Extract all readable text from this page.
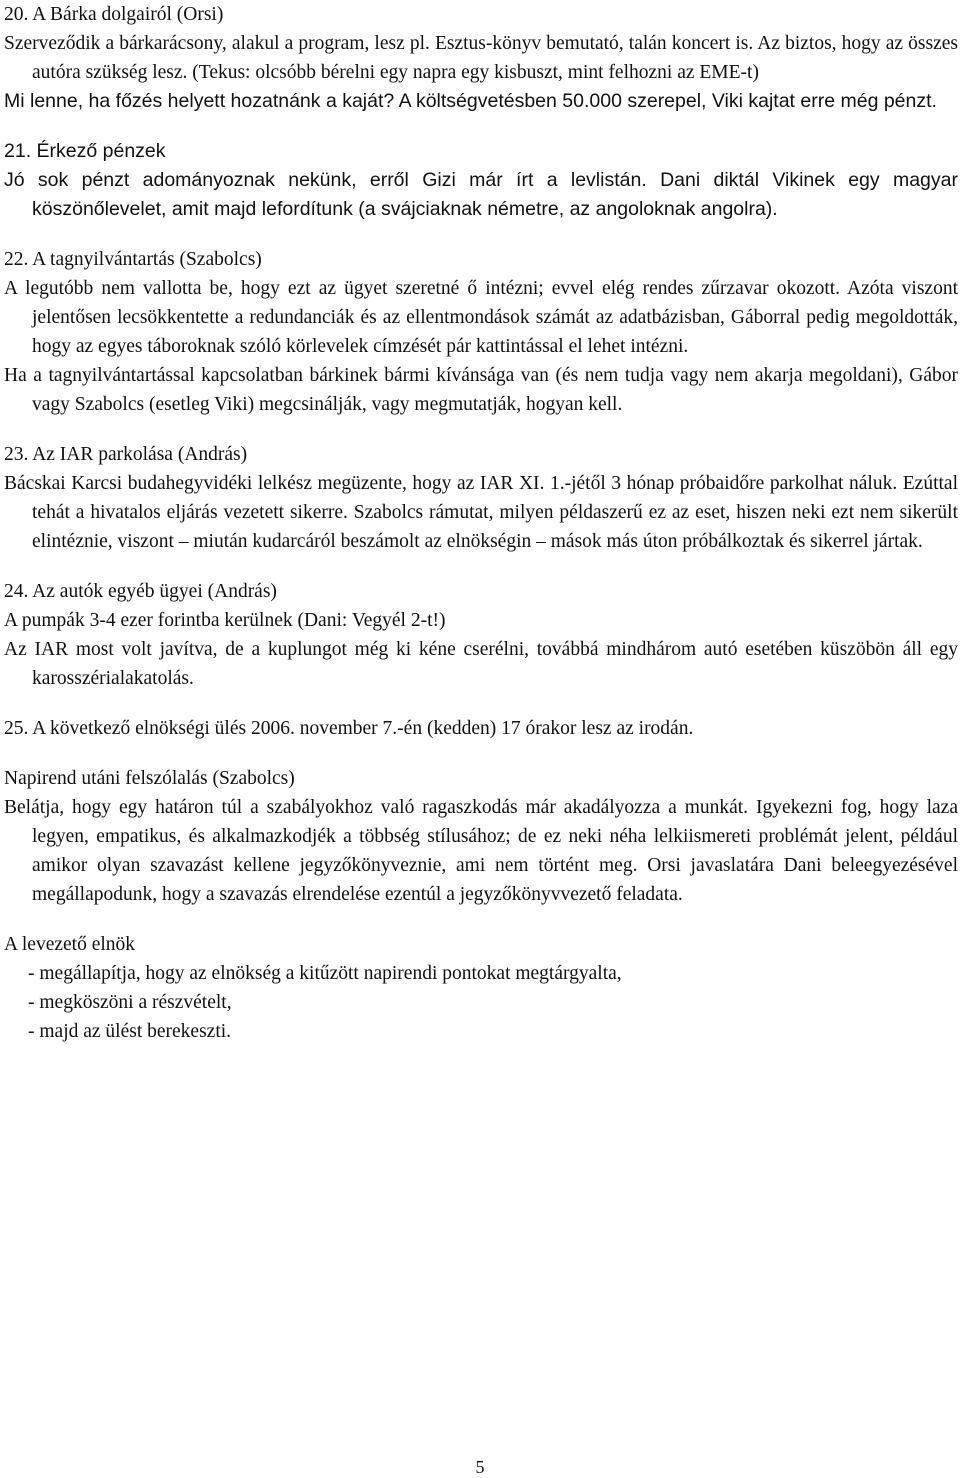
20. A Bárka dolgairól (Orsi)

Szerveződik a bárkarácsony, alakul a program, lesz pl. Esztus-könyv bemutató, talán koncert is. Az biztos, hogy az összes autóra szükség lesz. (Tekus: olcsóbb bérelni egy napra egy kisbuszt, mint felhozni az EME-t)

Mi lenne, ha főzés helyett hozatnánk a kaját? A költségvetésben 50.000 szerepel, Viki kajtat erre még pénzt.

21. Érkező pénzek

Jó sok pénzt adományoznak nekünk, erről Gizi már írt a levlistán. Dani diktál Vikinek egy magyar köszönőlevelet, amit majd lefordítunk (a svájciaknak németre, az angoloknak angolra).

22. A tagnyilvántartás (Szabolcs)

A legutóbb nem vallotta be, hogy ezt az ügyet szeretné ő intézni; evvel elég rendes zűrzavar okozott. Azóta viszont jelentősen lecsökkentette a redundanciák és az ellentmondások számát az adatbázisban, Gáborral pedig megoldották, hogy az egyes táboroknak szóló körlevelek címzését pár kattintással el lehet intézni.

Ha a tagnyilvántartással kapcsolatban bárkinek bármi kívánsága van (és nem tudja vagy nem akarja megoldani), Gábor vagy Szabolcs (esetleg Viki) megcsinálják, vagy megmutatják, hogyan kell.

23. Az IAR parkolása (András)

Bácskai Karcsi budahegyvidéki lelkész megüzente, hogy az IAR XI. 1.-jétől 3 hónap próbaidőre parkolhat náluk. Ezúttal tehát a hivatalos eljárás vezetett sikerre. Szabolcs rámutat, milyen példaszerű ez az eset, hiszen neki ezt nem sikerült elintéznie, viszont – miután kudarcáról beszámolt az elnökségin – mások más úton próbálkoztak és sikerrel jártak.

24. Az autók egyéb ügyei (András)

A pumpák 3-4 ezer forintba kerülnek (Dani: Vegyél 2-t!)

Az IAR most volt javítva, de a kuplungot még ki kéne cserélni, továbbá mindhárom autó esetében küszöbön áll egy karosszérialakatolás.

25. A következő elnökségi ülés 2006. november 7.-én (kedden) 17 órakor lesz az irodán.

Napirend utáni felszólalás (Szabolcs)

Belátja, hogy egy határon túl a szabályokhoz való ragaszkodás már akadályozza a munkát. Igyekezni fog, hogy laza legyen, empatikus, és alkalmazkodjék a többség stílusához; de ez neki néha lelkiismereti problémát jelent, például amikor olyan szavazást kellene jegyzőkönyveznie, ami nem történt meg. Orsi javaslatára Dani beleegyezésével megállapodunk, hogy a szavazás elrendelése ezentúl a jegyzőkönyvvezető feladata.

A levezető elnök

- megállapítja, hogy az elnökség a kitűzött napirendi pontokat megtárgyalta,
- megköszöni a részvételt,
- majd az ülést berekeszti.
5
